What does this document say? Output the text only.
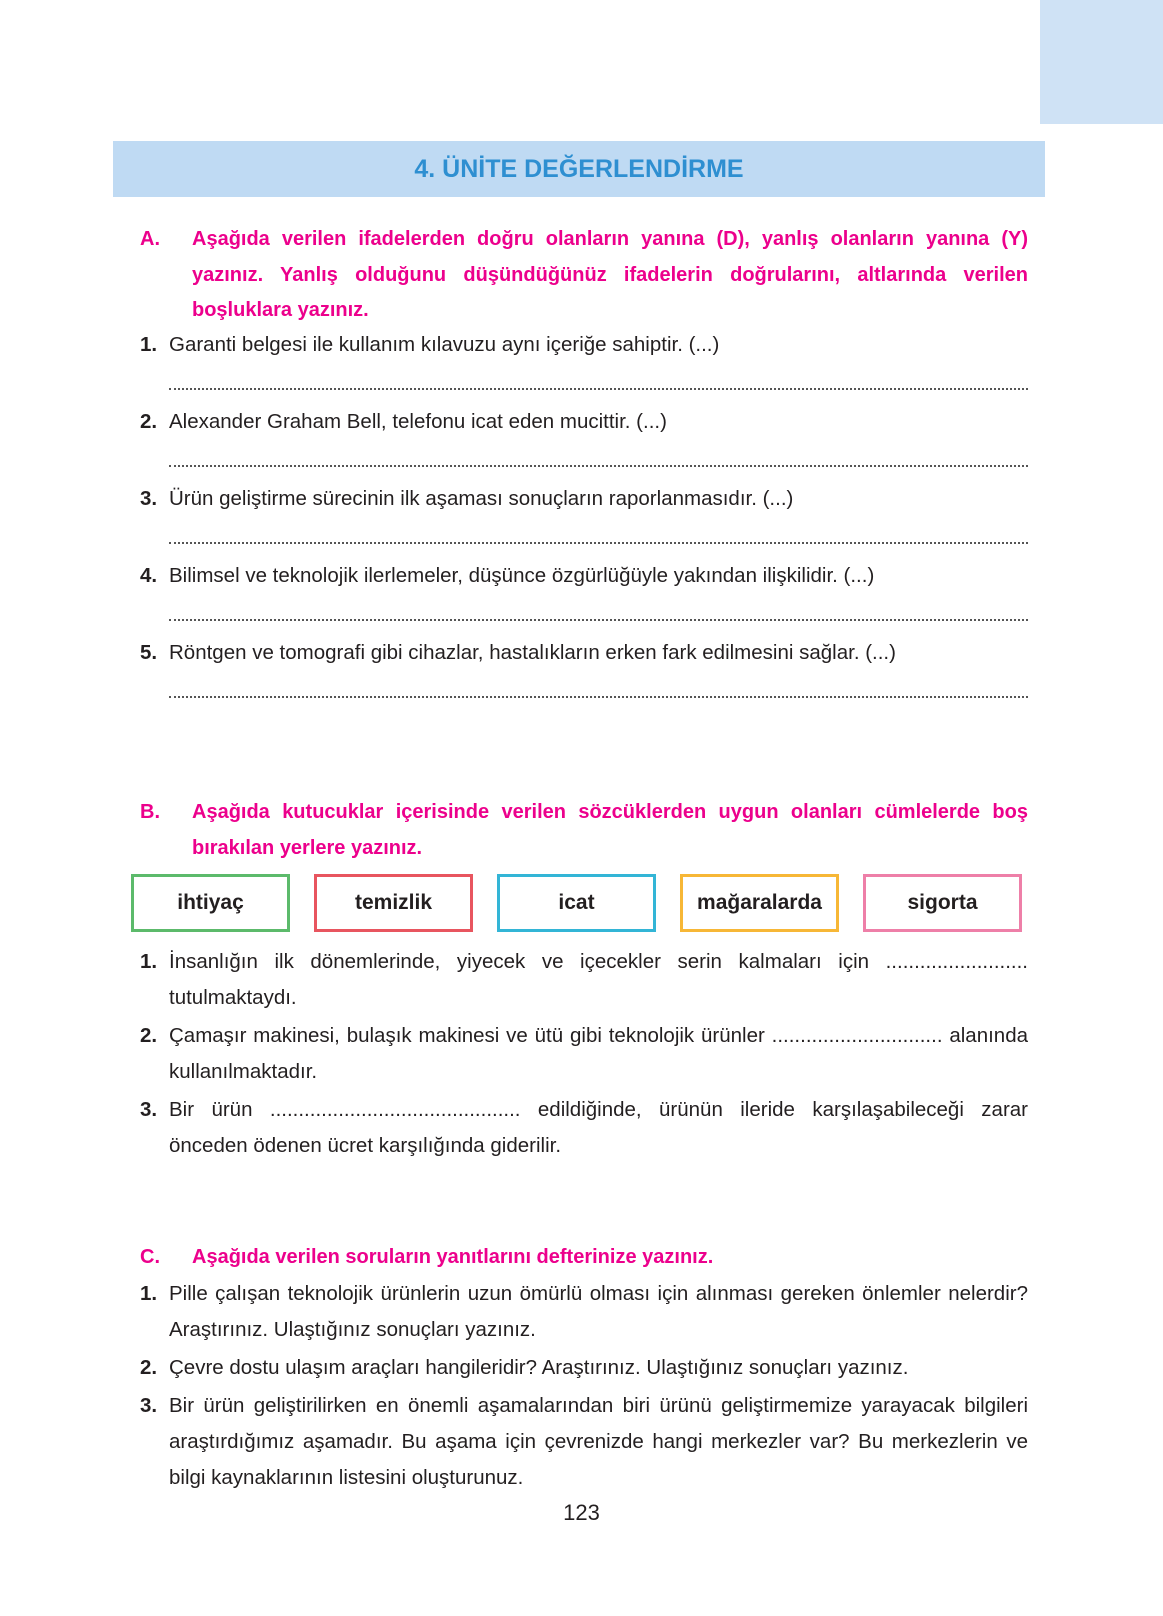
4. ÜNİTE DEĞERLENDİRME
A. Aşağıda verilen ifadelerden doğru olanların yanına (D), yanlış olanların yanına (Y) yazınız. Yanlış olduğunu düşündüğünüz ifadelerin doğrularını, altlarında verilen boşluklara yazınız.
1. Garanti belgesi ile kullanım kılavuzu aynı içeriğe sahiptir. (...)
2. Alexander Graham Bell, telefonu icat eden mucittir. (...)
3. Ürün geliştirme sürecinin ilk aşaması sonuçların raporlanmasıdır. (...)
4. Bilimsel ve teknolojik ilerlemeler, düşünce özgürlüğüyle yakından ilişkilidir. (...)
5. Röntgen ve tomografi gibi cihazlar, hastalıkların erken fark edilmesini sağlar. (...)
B. Aşağıda kutucuklar içerisinde verilen sözcüklerden uygun olanları cümlelerde boş bırakılan yerlere yazınız.
ihtiyaç	temizlik	icat	mağaralarda	sigorta
1. İnsanlığın ilk dönemlerinde, yiyecek ve içecekler serin kalmaları için ......................... tutulmaktaydı.
2. Çamaşır makinesi, bulaşık makinesi ve ütü gibi teknolojik ürünler .............................. alanında kullanılmaktadır.
3. Bir ürün ............................................ edildiğinde, ürünün ileride karşılaşabileceği zarar önceden ödenen ücret karşılığında giderilir.
C. Aşağıda verilen soruların yanıtlarını defterinize yazınız.
1. Pille çalışan teknolojik ürünlerin uzun ömürlü olması için alınması gereken önlemler nelerdir? Araştırınız. Ulaştığınız sonuçları yazınız.
2. Çevre dostu ulaşım araçları hangileridir? Araştırınız. Ulaştığınız sonuçları yazınız.
3. Bir ürün geliştirilirken en önemli aşamalarından biri ürünü geliştirmemize yarayacak bilgileri araştırdığımız aşamadır. Bu aşama için çevrenizde hangi merkezler var? Bu merkezlerin ve bilgi kaynaklarının listesini oluşturunuz.
123
